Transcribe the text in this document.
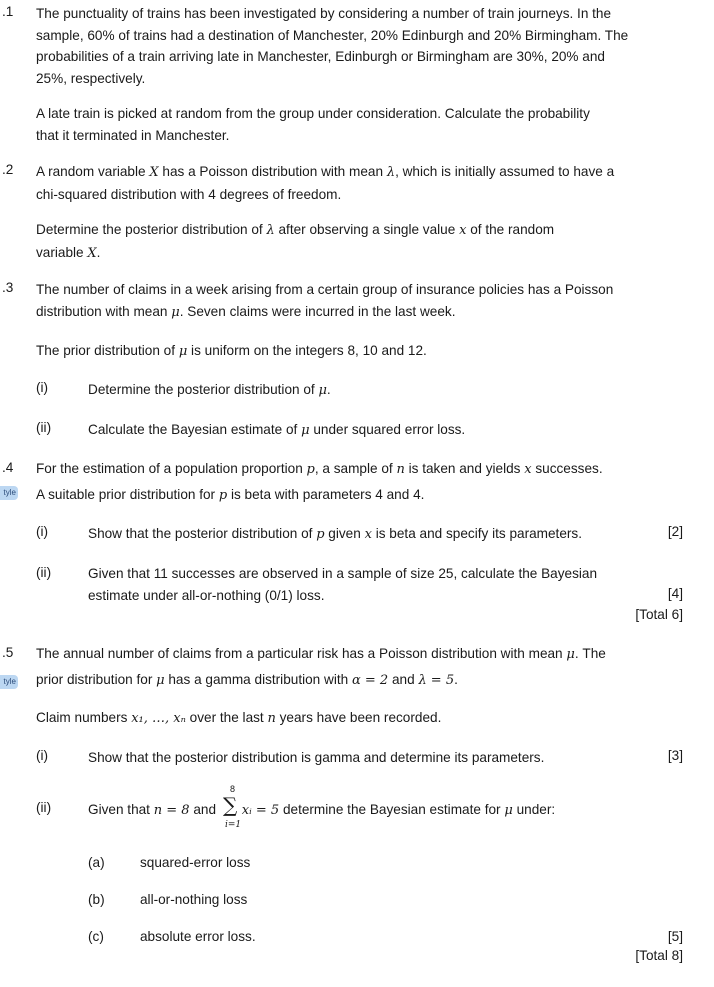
.1 The punctuality of trains has been investigated by considering a number of train journeys. In the
sample, 60% of trains had a destination of Manchester, 20% Edinburgh and 20% Birmingham. The
probabilities of a train arriving late in Manchester, Edinburgh or Birmingham are 30%, 20% and
25%, respectively.
A late train is picked at random from the group under consideration. Calculate the probability
that it terminated in Manchester.
.2 A random variable X has a Poisson distribution with mean λ, which is initially assumed to have a
chi-squared distribution with 4 degrees of freedom.
Determine the posterior distribution of λ after observing a single value x of the random
variable X.
.3 The number of claims in a week arising from a certain group of insurance policies has a Poisson
distribution with mean μ. Seven claims were incurred in the last week.
The prior distribution of μ is uniform on the integers 8, 10 and 12.
(i)	Determine the posterior distribution of μ.
(ii)	Calculate the Bayesian estimate of μ under squared error loss.
.4
tyle
For the estimation of a population proportion p, a sample of n is taken and yields x successes.
A suitable prior distribution for p is beta with parameters 4 and 4.
(i)	Show that the posterior distribution of p given x is beta and specify its parameters.	[2]
(ii)	Given that 11 successes are observed in a sample of size 25, calculate the Bayesian
estimate under all-or-nothing (0/1) loss.	[4]
[Total 6]
.5
tyle
The annual number of claims from a particular risk has a Poisson distribution with mean μ. The
prior distribution for μ has a gamma distribution with α = 2 and λ = 5.
Claim numbers x₁, …, xₙ over the last n years have been recorded.
(i)	Show that the posterior distribution is gamma and determine its parameters.	[3]
(ii)	Given that n = 8 and xᵢ = 5 determine the Bayesian estimate for μ under:
8
∑
i=1
(a)	squared-error loss
(b)	all-or-nothing loss
(c)	absolute error loss.	[5]
[Total 8]
